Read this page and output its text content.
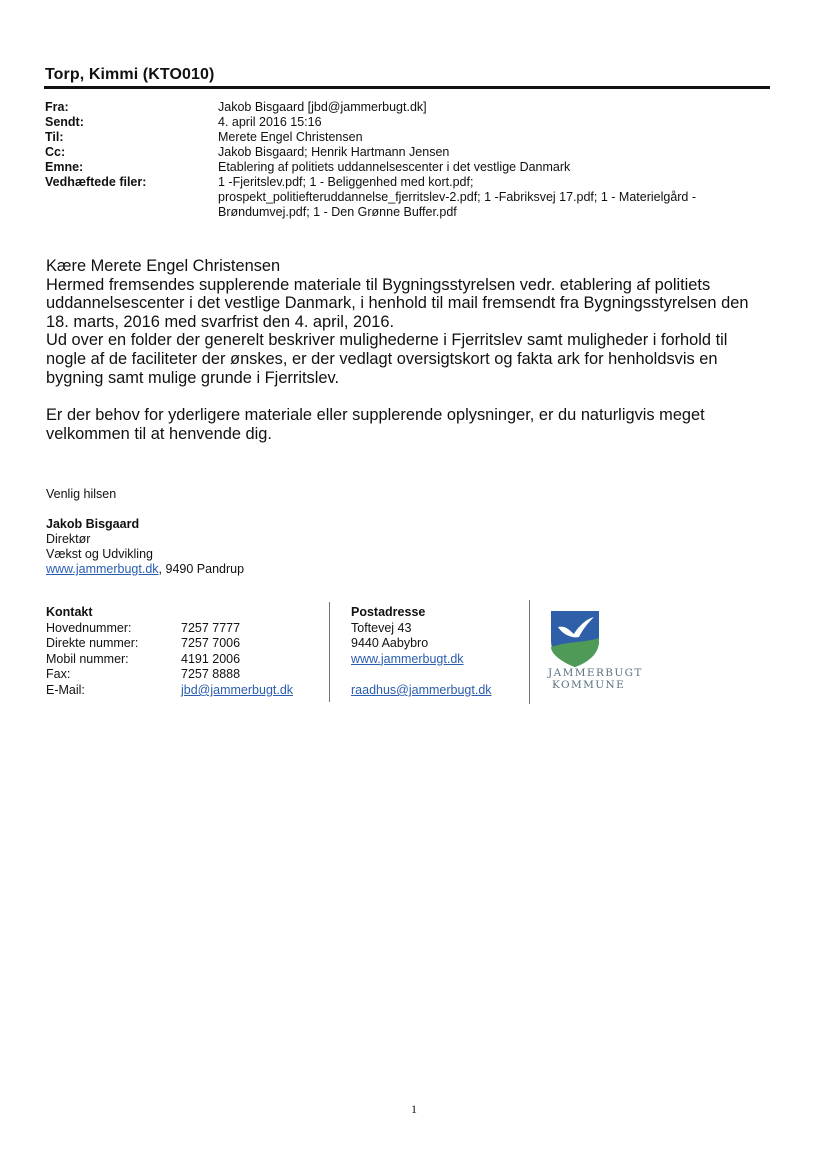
Torp, Kimmi (KTO010)
Fra:	Jakob Bisgaard [jbd@jammerbugt.dk]
Sendt:	4. april 2016 15:16
Til:	Merete Engel Christensen
Cc:	Jakob Bisgaard; Henrik Hartmann Jensen
Emne:	Etablering af politiets uddannelsescenter i det vestlige Danmark
Vedhæftede filer:	1 -Fjeritslev.pdf; 1 - Beliggenhed med kort.pdf;
prospekt_politiefteruddannelse_fjerritslev-2.pdf; 1 -Fabriksvej 17.pdf; 1 - Materielgård -
Brøndumvej.pdf; 1 - Den Grønne Buffer.pdf

Kære Merete Engel Christensen

Hermed fremsendes supplerende materiale til Bygningsstyrelsen vedr. etablering af politiets

uddannelsescenter i det vestlige Danmark, i henhold til mail fremsendt fra Bygningsstyrelsen den

18. marts, 2016 med svarfrist den 4. april, 2016.

Ud over en folder der generelt beskriver mulighederne i Fjerritslev samt muligheder i forhold til

nogle af de faciliteter der ønskes, er der vedlagt oversigtskort og fakta ark for henholdsvis en

bygning samt mulige grunde i Fjerritslev.

Er der behov for yderligere materiale eller supplerende oplysninger, er du naturligvis meget

velkommen til at henvende dig.

Venlig hilsen
Jakob Bisgaard
Direktør
Vækst og Udvikling
www.jammerbugt.dk, 9490 Pandrup
Kontakt
Hovednummer:	7257 7777
Direkte nummer:	7257 7006
Mobil nummer:	4191 2006
Fax:	7257 8888
E-Mail:	jbd@jammerbugt.dk
Postadresse
Toftevej 43
9440 Aabybro
www.jammerbugt.dk
raadhus@jammerbugt.dk
JAMMERBUGT
KOMMUNE
1
